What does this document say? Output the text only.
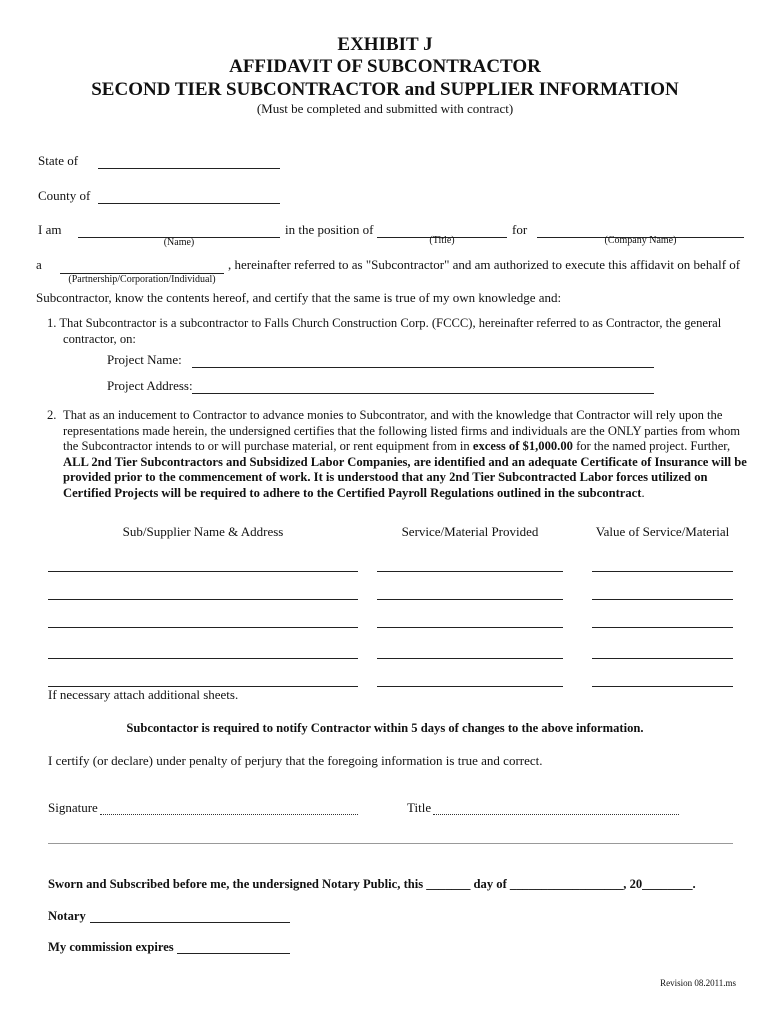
EXHIBIT J
AFFIDAVIT OF SUBCONTRACTOR
SECOND TIER SUBCONTRACTOR and SUPPLIER INFORMATION
(Must be completed and submitted with contract)
State of
County of
I am
(Name)
in the position of
(Title)
for
(Company Name)
a
(Partnership/Corporation/Individual)
, hereinafter referred to as "Subcontractor" and am authorized to execute this affidavit on behalf of
Subcontractor, know the contents hereof, and certify that the same is true of my own knowledge and:
1. That Subcontractor is a subcontractor to Falls Church Construction Corp. (FCCC), hereinafter referred to as Contractor, the general
contractor, on:
Project Name:
Project Address:
2. That as an inducement to Contractor to advance monies to Subcontrator, and with the knowledge that Contractor will rely upon the representations made herein, the undersigned certifies that the following listed firms and individuals are the ONLY parties from whom the Subcontractor intends to or will purchase material, or rent equipment from in excess of $1,000.00 for the named project. Further, ALL 2nd Tier Subcontractors and Subsidized Labor Companies, are identified and an adequate Certificate of Insurance will be provided prior to the commencement of work. It is understood that any 2nd Tier Subcontracted Labor forces utilized on Certified Projects will be required to adhere to the Certified Payroll Regulations outlined in the subcontract.
Sub/Supplier Name & Address	Service/Material Provided	Value of Service/Material
If necessary attach additional sheets.
Subcontactor is required to notify Contractor within 5 days of changes to the above information.
I certify (or declare) under penalty of perjury that the foregoing information is true and correct.
Signature	Title
Sworn and Subscribed before me, the undersigned Notary Public, this _______ day of __________________, 20________.
Notary
My commission expires
Revision 08.2011.ms
